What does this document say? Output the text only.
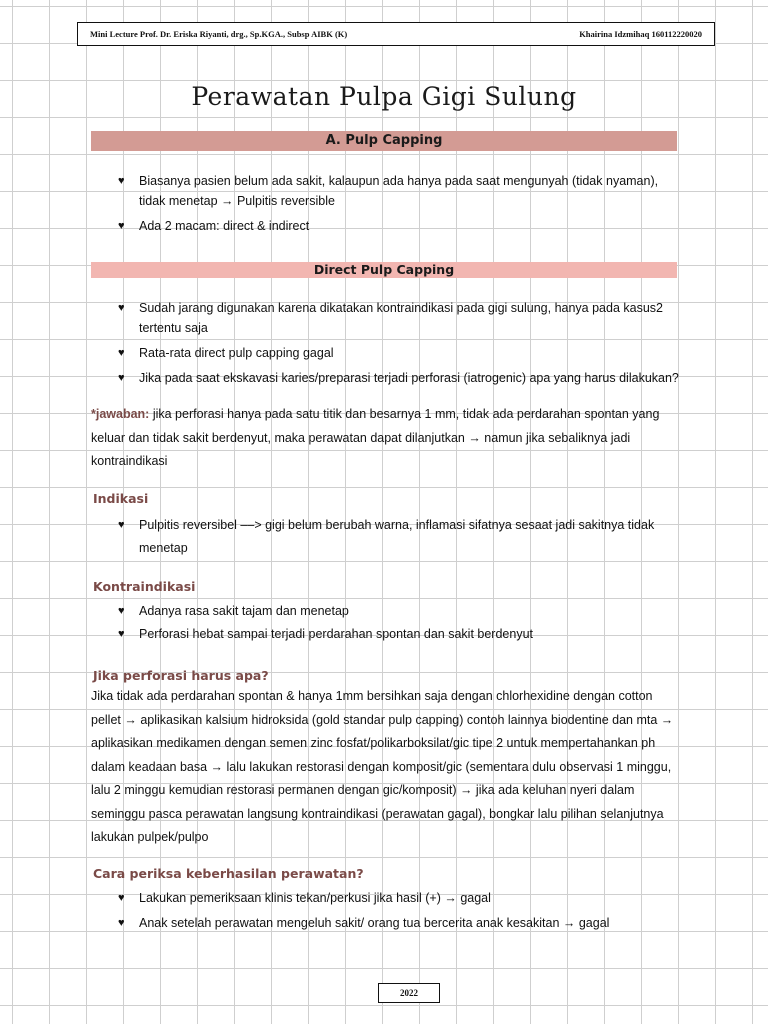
Mini Lecture Prof. Dr. Eriska Riyanti, drg., Sp.KGA., Subsp AIBK (K)	Khairina Idzmihaq 160112220020
Perawatan Pulpa Gigi Sulung
A. Pulp Capping
♥ Biasanya pasien belum ada sakit, kalaupun ada hanya pada saat mengunyah (tidak nyaman), tidak menetap → Pulpitis reversible
♥ Ada 2 macam: direct & indirect
Direct Pulp Capping
♥ Sudah jarang digunakan karena dikatakan kontraindikasi pada gigi sulung, hanya pada kasus2 tertentu saja
♥ Rata-rata direct pulp capping gagal
♥ Jika pada saat ekskavasi karies/preparasi terjadi perforasi (iatrogenic) apa yang harus dilakukan?
*jawaban: jika perforasi hanya pada satu titik dan besarnya 1 mm, tidak ada perdarahan spontan yang keluar dan tidak sakit berdenyut, maka perawatan dapat dilanjutkan → namun jika sebaliknya jadi kontraindikasi
Indikasi
♥ Pulpitis reversibel ––> gigi belum berubah warna, inflamasi sifatnya sesaat jadi sakitnya tidak menetap
Kontraindikasi
♥ Adanya rasa sakit tajam dan menetap
♥ Perforasi hebat sampai terjadi perdarahan spontan dan sakit berdenyut
Jika perforasi harus apa?
Jika tidak ada perdarahan spontan & hanya 1mm bersihkan saja dengan chlorhexidine dengan cotton pellet → aplikasikan kalsium hidroksida (gold standar pulp capping) contoh lainnya biodentine dan mta → aplikasikan medikamen dengan semen zinc fosfat/polikarboksilat/gic tipe 2 untuk mempertahankan ph dalam keadaan basa → lalu lakukan restorasi dengan komposit/gic (sementara dulu observasi 1 minggu, lalu 2 minggu kemudian restorasi permanen dengan gic/komposit) → jika ada keluhan nyeri dalam seminggu pasca perawatan langsung kontraindikasi (perawatan gagal), bongkar lalu pilihan selanjutnya lakukan pulpek/pulpo
Cara periksa keberhasilan perawatan?
♥ Lakukan pemeriksaan klinis tekan/perkusi jika hasil (+) → gagal
♥ Anak setelah perawatan mengeluh sakit/ orang tua bercerita anak kesakitan → gagal
2022
